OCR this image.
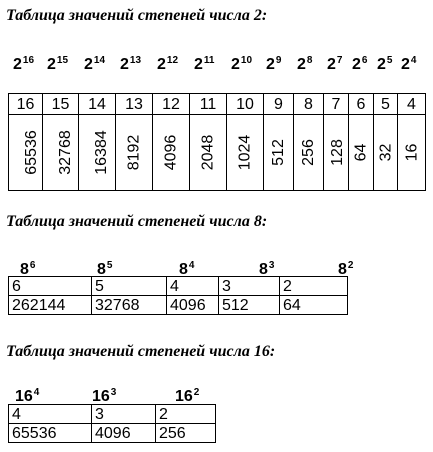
Таблица значений степеней числа 2:

$2^{16}$ $2^{15}$ $2^{14}$ $2^{13}$ $2^{12}$ $2^{11}$ $2^{10}$ $2^9$ $2^8$ $2^7$ $2^6$ $2^5$ $2^4$
16	15	14	13	12	11	10	9	8	7	6	5	4
65536	32768	16384	8192	4096	2048	1024	512	256	128	64	32	16

Таблица значений степеней числа 8:

$8^6$	$8^5$	$8^4$	$8^3$	$8^2$
6	5	4	3	2
262144	32768	4096	512	64

Таблица значений степеней числа 16:

$16^4$	$16^3$	$16^2$
4	3	2
65536	4096	256
